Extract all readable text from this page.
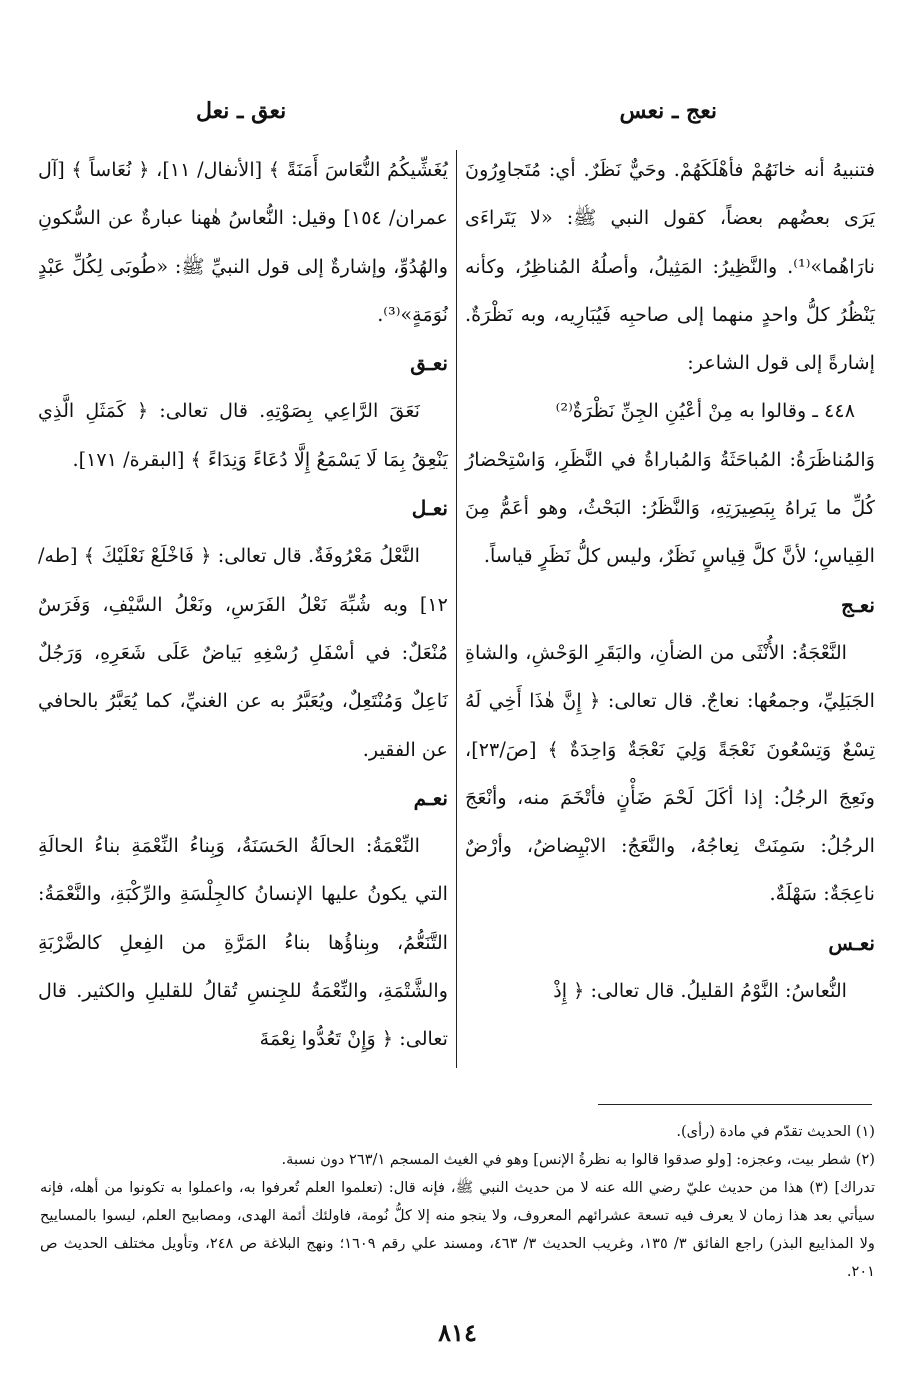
نعج ـ نعس
نعق ـ نعل

فتنبيهُ أنه خانَهُمْ فأهْلَكَهُمْ. وحَيٌّ نَظَرٌ. أي: مُتَجاوِرُونَ يَرَى بعضُهم بعضاً، كقول النبي ﷺ: «لا يَتَراءَى نارَاهُما»⁽¹⁾. والنَّظِيرُ: المَثِيلُ، وأصلُهُ المُناظِرُ، وكأنه يَنْظُرُ كلُّ واحدٍ منهما إلى صاحبِه فَيُبَارِيه، وبه نَظْرَةٌ. إشارةً إلى قول الشاعر:

٤٤٨ ـ وقالوا به مِنْ أعْيُنِ الجِنِّ نَظْرَةٌ⁽²⁾

وَالمُناظَرَةُ: المُباحَثَةُ وَالمُباراةُ في النَّظَرِ، وَاسْتِحْضارُ كُلِّ ما يَراهُ بِبَصِيرَتِهِ، وَالنَّظَرُ: البَحْثُ، وهو أعَمُّ مِنَ القِياسِ؛ لأنَّ كلَّ قِياسٍ نَظَرٌ، وليس كلُّ نَظَرٍ قياساً.

نعـج

النَّعْجَةُ: الأُنْثَى من الضأنِ، والبَقَرِ الوَحْشِ، والشاةِ الجَبَلِيِّ، وجمعُها: نعاجٌ. قال تعالى: ﴿ إِنَّ هٰذَا أَخِي لَهُ تِسْعٌ وَتِسْعُونَ نَعْجَةً وَلِيَ نَعْجَةٌ وَاحِدَةٌ ﴾ [صَ/٢٣]، ونَعِجَ الرجُلُ: إذا أكَلَ لَحْمَ ضَأْنٍ فأتْخَمَ منه، وأنْعَجَ الرجُلُ: سَمِنَتْ نِعاجُهُ، والنَّعَجُ: الابْيِضاضُ، وأرْضٌ ناعِجَةٌ: سَهْلَةٌ.

نعـس

النُّعاسُ: النَّوْمُ القليلُ. قال تعالى: ﴿ إِذْ

يُغَشِّيكُمُ النُّعَاسَ أَمَنَةً ﴾ [الأنفال/ ١١]، ﴿ نُعَاساً ﴾ [آل عمران/ ١٥٤] وقيل: النُّعاسُ هٰهنا عبارةٌ عن السُّكونِ والهُدُوِّ، وإشارةٌ إلى قول النبيِّ ﷺ: «طُوبَى لِكُلِّ عَبْدٍ نُوَمَةٍ»⁽³⁾.

نعـق

نَعَقَ الرَّاعِي بِصَوْتِهِ. قال تعالى: ﴿ كَمَثَلِ الَّذِي يَنْعِقُ بِمَا لَا يَسْمَعُ إِلَّا دُعَاءً وَنِدَاءً ﴾ [البقرة/ ١٧١].

نعـل

النَّعْلُ مَعْرُوفَةٌ. قال تعالى: ﴿ فَاخْلَعْ نَعْلَيْكَ ﴾ [طه/ ١٢] وبه شُبِّهَ نَعْلُ الفَرَسِ، ونَعْلُ السَّيْفِ، وَفَرَسٌ مُنْعَلٌ: في أسْفَلِ رُسْغِهِ بَياضٌ عَلَى شَعَرِهِ، وَرَجُلٌ نَاعِلٌ وَمُنْتَعِلٌ، ويُعَبَّرُ به عن الغنيِّ، كما يُعَبَّرُ بالحافي عن الفقير.

نعـم

النِّعْمَةُ: الحالَةُ الحَسَنَةُ، وَبِناءُ النِّعْمَةِ بناءُ الحالَةِ التي يكونُ عليها الإنسانُ كالجِلْسَةِ والرِّكْبَةِ، والنَّعْمَةُ: التَّنَعُّمُ، وبِناؤُها بناءُ المَرَّةِ من الفِعلِ كالضَّرْبَةِ والشَّتْمَةِ، والنِّعْمَةُ للجِنسِ تُقالُ للقليلِ والكثير. قال تعالى: ﴿ وَإِنْ تَعُدُّوا نِعْمَةَ

(١) الحديث تقدّم في مادة (رأى).

(٢) شطر بيت، وعجزه: [ولو صدقوا قالوا به نظرةُ الإنس] وهو في الغيث المسجم ٢٦٣/١ دون نسبة.

تدراك] (٣) هذا من حديث عليّ رضي الله عنه لا من حديث النبي ﷺ، فإنه قال: (تعلموا العلم تُعرفوا به، واعملوا به تكونوا من أهله، فإنه سيأتي بعد هذا زمان لا يعرف فيه تسعة عشرائهم المعروف، ولا ينجو منه إلا كلُّ نُومة، فاولئك أئمة الهدى، ومصابيح العلم، ليسوا بالمساييح ولا المذاييع البذر) راجع الفائق ٣/ ١٣٥، وغريب الحديث ٣/ ٤٦٣، ومسند علي رقم ١٦٠٩؛ ونهج البلاغة ص ٢٤٨، وتأويل مختلف الحديث ص ٢٠١.

٨١٤
